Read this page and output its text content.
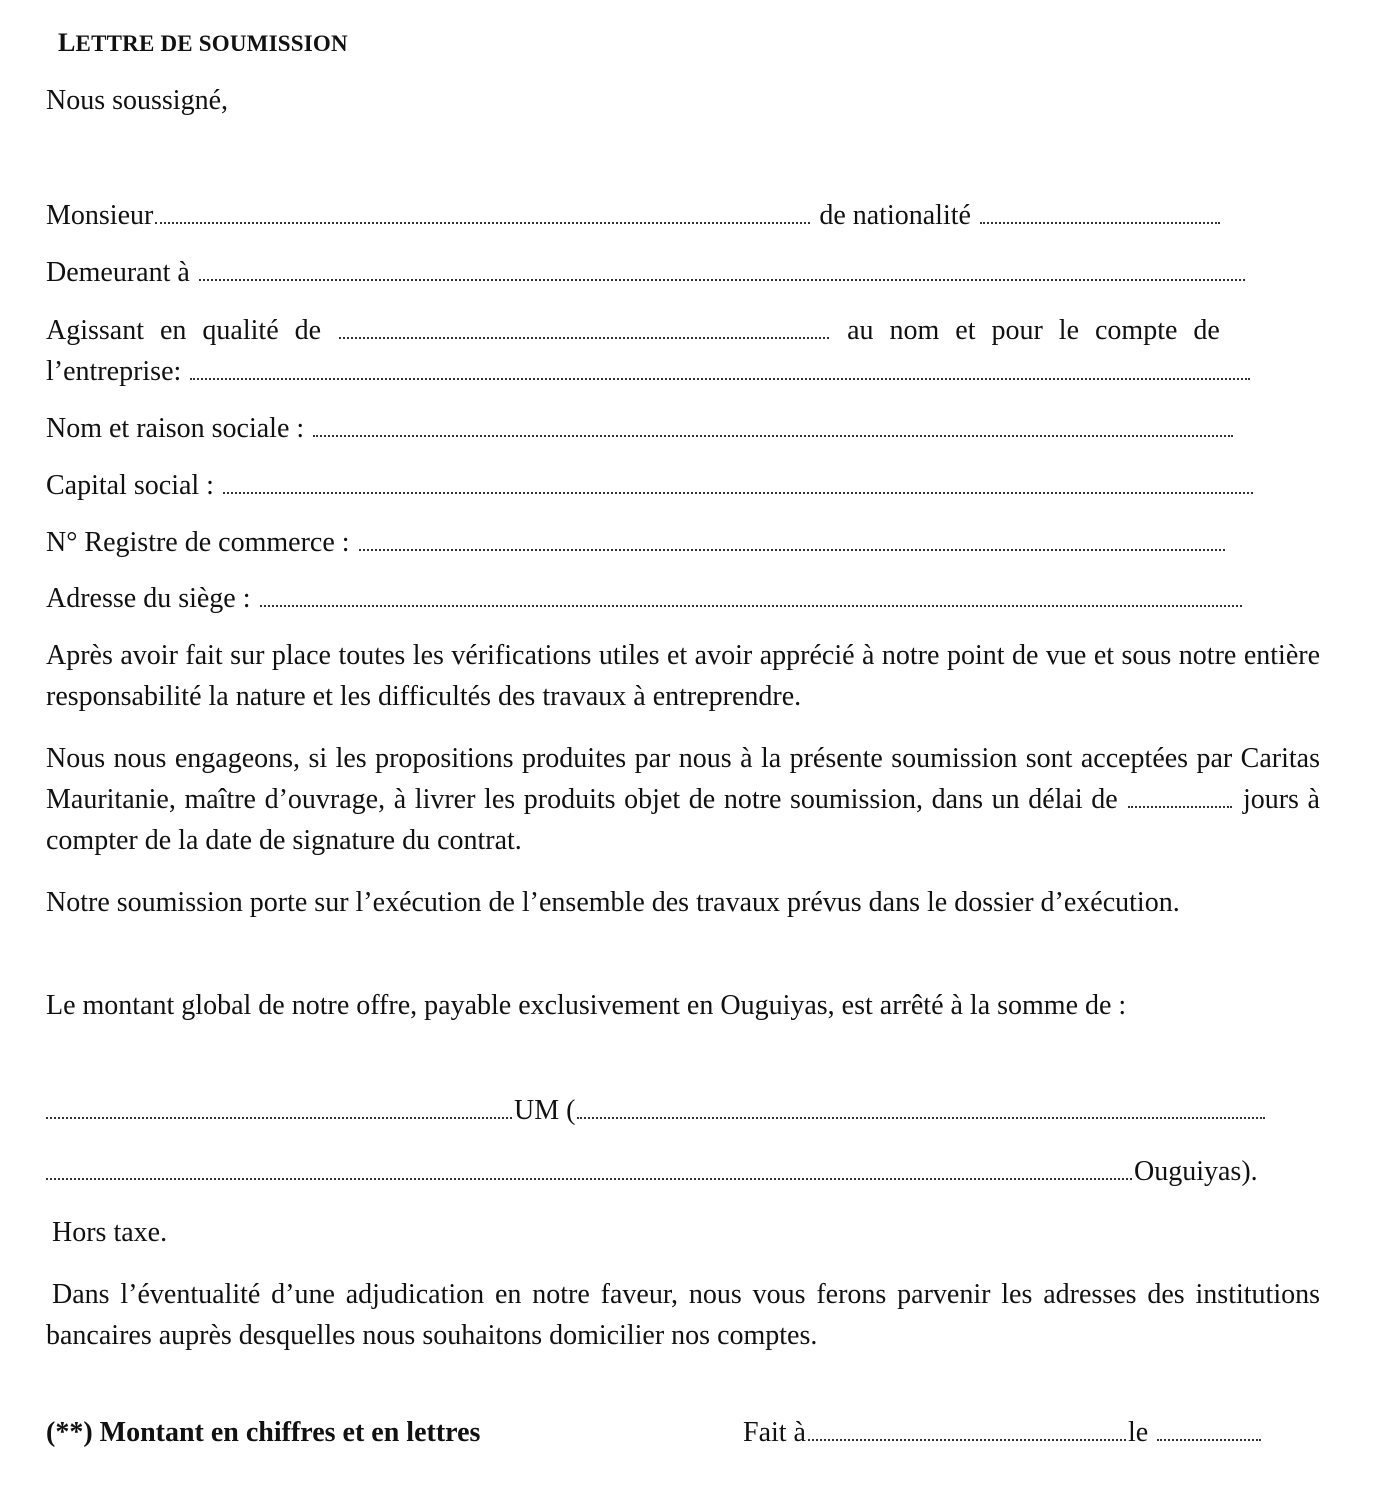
LETTRE DE SOUMISSION
Nous soussigné,
Monsieur	de nationalité
Demeurant à
Agissant en qualité de	au nom et pour le compte de
l’entreprise:
Nom et raison sociale :
Capital social :
N° Registre de commerce :
Adresse du siège :
Après avoir fait sur place toutes les vérifications utiles et avoir apprécié à notre point de vue et sous notre entière responsabilité la nature et les difficultés des travaux à entreprendre.
Nous nous engageons, si les propositions produites par nous à la présente soumission sont acceptées par Caritas Mauritanie, maître d’ouvrage, à livrer les produits objet de notre soumission, dans un délai de	jours à compter de la date de signature du contrat.
Notre soumission porte sur l’exécution de l’ensemble des travaux prévus dans le dossier d’exécution.
Le montant global de notre offre, payable exclusivement en Ouguiyas, est arrêté à la somme de :
UM (
Ouguiyas).
Hors taxe.
Dans l’éventualité d’une adjudication en notre faveur, nous vous ferons parvenir les adresses des institutions bancaires auprès desquelles nous souhaitons domicilier nos comptes.
(**) Montant en chiffres et en lettres	Fait à	le
